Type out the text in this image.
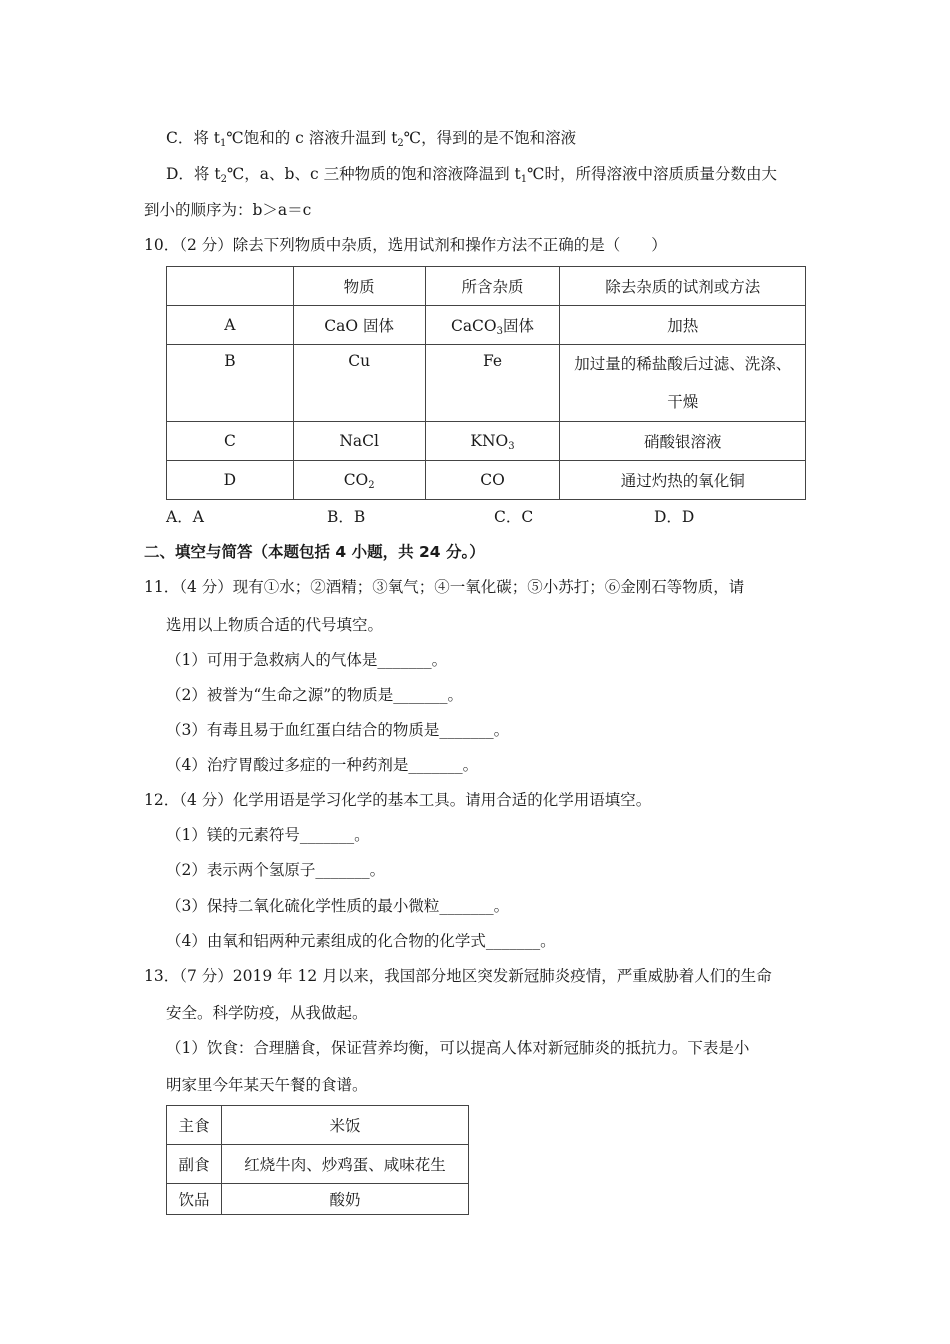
C．将 $t_1℃$饱和的 c 溶液升温到 $t_2℃$，得到的是不饱和溶液
D．将 $t_2℃$，a、b、c 三种物质的饱和溶液降温到 $t_1℃$时，所得溶液中溶质质量分数由大
到小的顺序为：b＞a＝c
10．（2 分）除去下列物质中杂质，选用试剂和操作方法不正确的是（　　）
	物质	所含杂质	除去杂质的试剂或方法
A	CaO 固体	CaCO$_3$固体	加热

B	Cu	Fe	加过量的稀盐酸后过滤、洗涤、
干燥

C	NaCl	$KNO_3$	硝酸银溶液
D	$CO_2$	CO	通过灼热的氧化铜
A．A	B．B	C．C	D．D
二、填空与简答（本题包括 4 小题，共 24 分。）
11．（4 分）现有①水；②酒精；③氧气；④一氧化碳；⑤小苏打；⑥金刚石等物质，请
选用以上物质合适的代号填空。
（1）可用于急救病人的气体是_______。
（2）被誉为“生命之源”的物质是_______。
（3）有毒且易于血红蛋白结合的物质是_______。
（4）治疗胃酸过多症的一种药剂是_______。
12．（4 分）化学用语是学习化学的基本工具。请用合适的化学用语填空。
（1）镁的元素符号_______。
（2）表示两个氢原子_______。
（3）保持二氧化硫化学性质的最小微粒_______。
（4）由氧和铝两种元素组成的化合物的化学式_______。
13．（7 分）2019 年 12 月以来，我国部分地区突发新冠肺炎疫情，严重威胁着人们的生命
安全。科学防疫，从我做起。
（1）饮食：合理膳食，保证营养均衡，可以提高人体对新冠肺炎的抵抗力。下表是小
明家里今年某天午餐的食谱。
主食	米饭
副食	红烧牛肉、炒鸡蛋、咸味花生
饮品	酸奶
